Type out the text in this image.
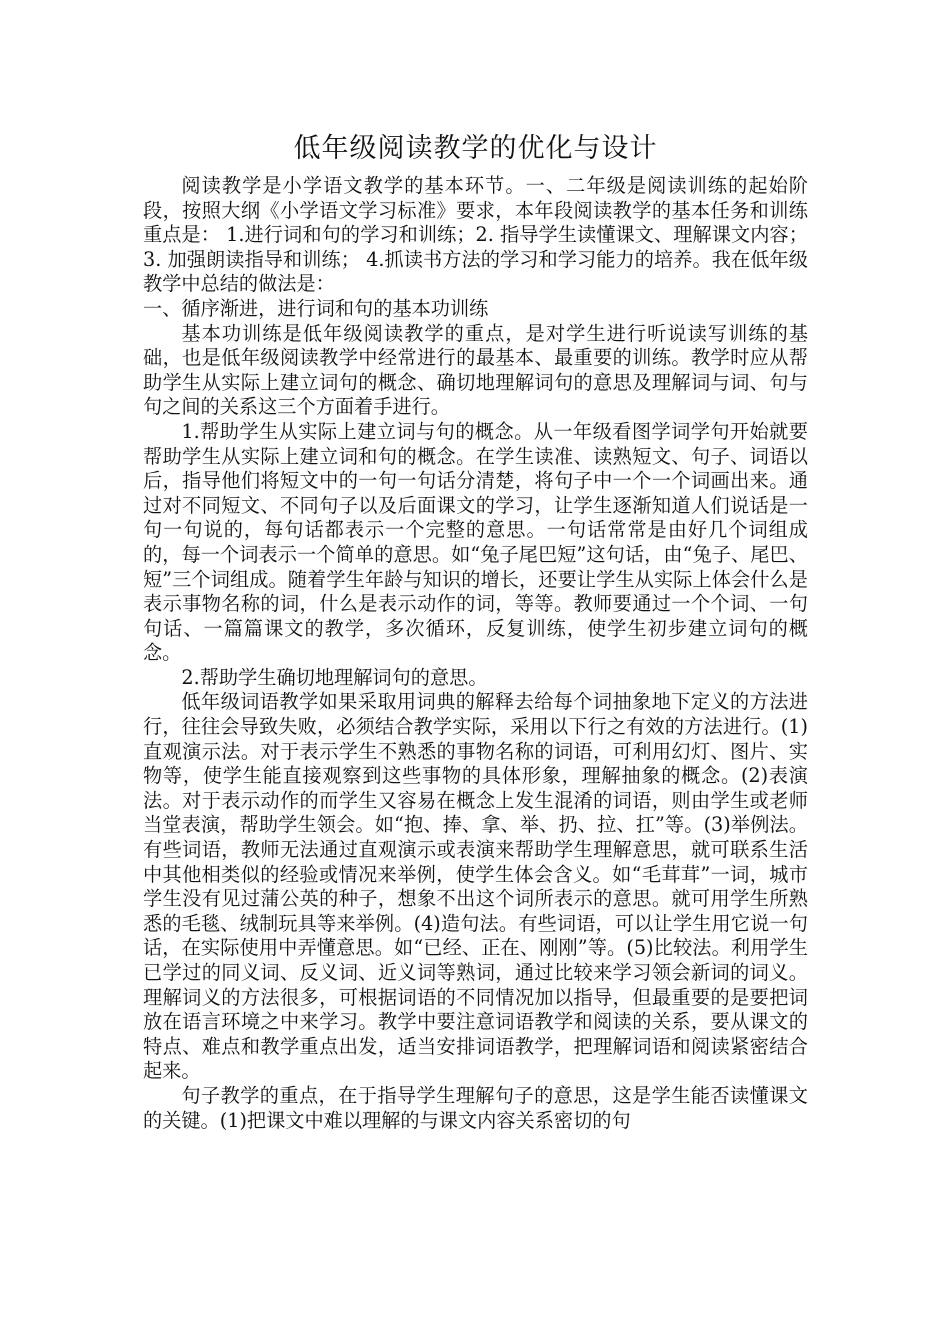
低年级阅读教学的优化与设计

阅读教学是小学语文教学的基本环节。一、二年级是阅读训练的起始阶段，按照大纲《小学语文学习标准》要求，本年段阅读教学的基本任务和训练重点是： 1.进行词和句的学习和训练；2. 指导学生读懂课文、理解课文内容；3. 加强朗读指导和训练； 4.抓读书方法的学习和学习能力的培养。我在低年级教学中总结的做法是：

一、循序渐进，进行词和句的基本功训练

基本功训练是低年级阅读教学的重点，是对学生进行听说读写训练的基础，也是低年级阅读教学中经常进行的最基本、最重要的训练。教学时应从帮助学生从实际上建立词句的概念、确切地理解词句的意思及理解词与词、句与句之间的关系这三个方面着手进行。

1.帮助学生从实际上建立词与句的概念。从一年级看图学词学句开始就要帮助学生从实际上建立词和句的概念。在学生读准、读熟短文、句子、词语以后，指导他们将短文中的一句一句话分清楚，将句子中一个一个词画出来。通过对不同短文、不同句子以及后面课文的学习，让学生逐渐知道人们说话是一句一句说的，每句话都表示一个完整的意思。一句话常常是由好几个词组成的，每一个词表示一个简单的意思。如“兔子尾巴短”这句话，由“兔子、尾巴、短”三个词组成。随着学生年龄与知识的增长，还要让学生从实际上体会什么是表示事物名称的词，什么是表示动作的词，等等。教师要通过一个个词、一句句话、一篇篇课文的教学，多次循环，反复训练，使学生初步建立词句的概念。

2.帮助学生确切地理解词句的意思。

低年级词语教学如果采取用词典的解释去给每个词抽象地下定义的方法进行，往往会导致失败，必须结合教学实际，采用以下行之有效的方法进行。(1)直观演示法。对于表示学生不熟悉的事物名称的词语，可利用幻灯、图片、实物等，使学生能直接观察到这些事物的具体形象，理解抽象的概念。(2)表演法。对于表示动作的而学生又容易在概念上发生混淆的词语，则由学生或老师当堂表演，帮助学生领会。如“抱、捧、拿、举、扔、拉、扛”等。(3)举例法。有些词语，教师无法通过直观演示或表演来帮助学生理解意思，就可联系生活中其他相类似的经验或情况来举例，使学生体会含义。如“毛茸茸”一词，城市学生没有见过蒲公英的种子，想象不出这个词所表示的意思。就可用学生所熟悉的毛毯、绒制玩具等来举例。(4)造句法。有些词语，可以让学生用它说一句话，在实际使用中弄懂意思。如“已经、正在、刚刚”等。(5)比较法。利用学生已学过的同义词、反义词、近义词等熟词，通过比较来学习领会新词的词义。理解词义的方法很多，可根据词语的不同情况加以指导，但最重要的是要把词放在语言环境之中来学习。教学中要注意词语教学和阅读的关系，要从课文的特点、难点和教学重点出发，适当安排词语教学，把理解词语和阅读紧密结合起来。

句子教学的重点，在于指导学生理解句子的意思，这是学生能否读懂课文的关键。(1)把课文中难以理解的与课文内容关系密切的句
